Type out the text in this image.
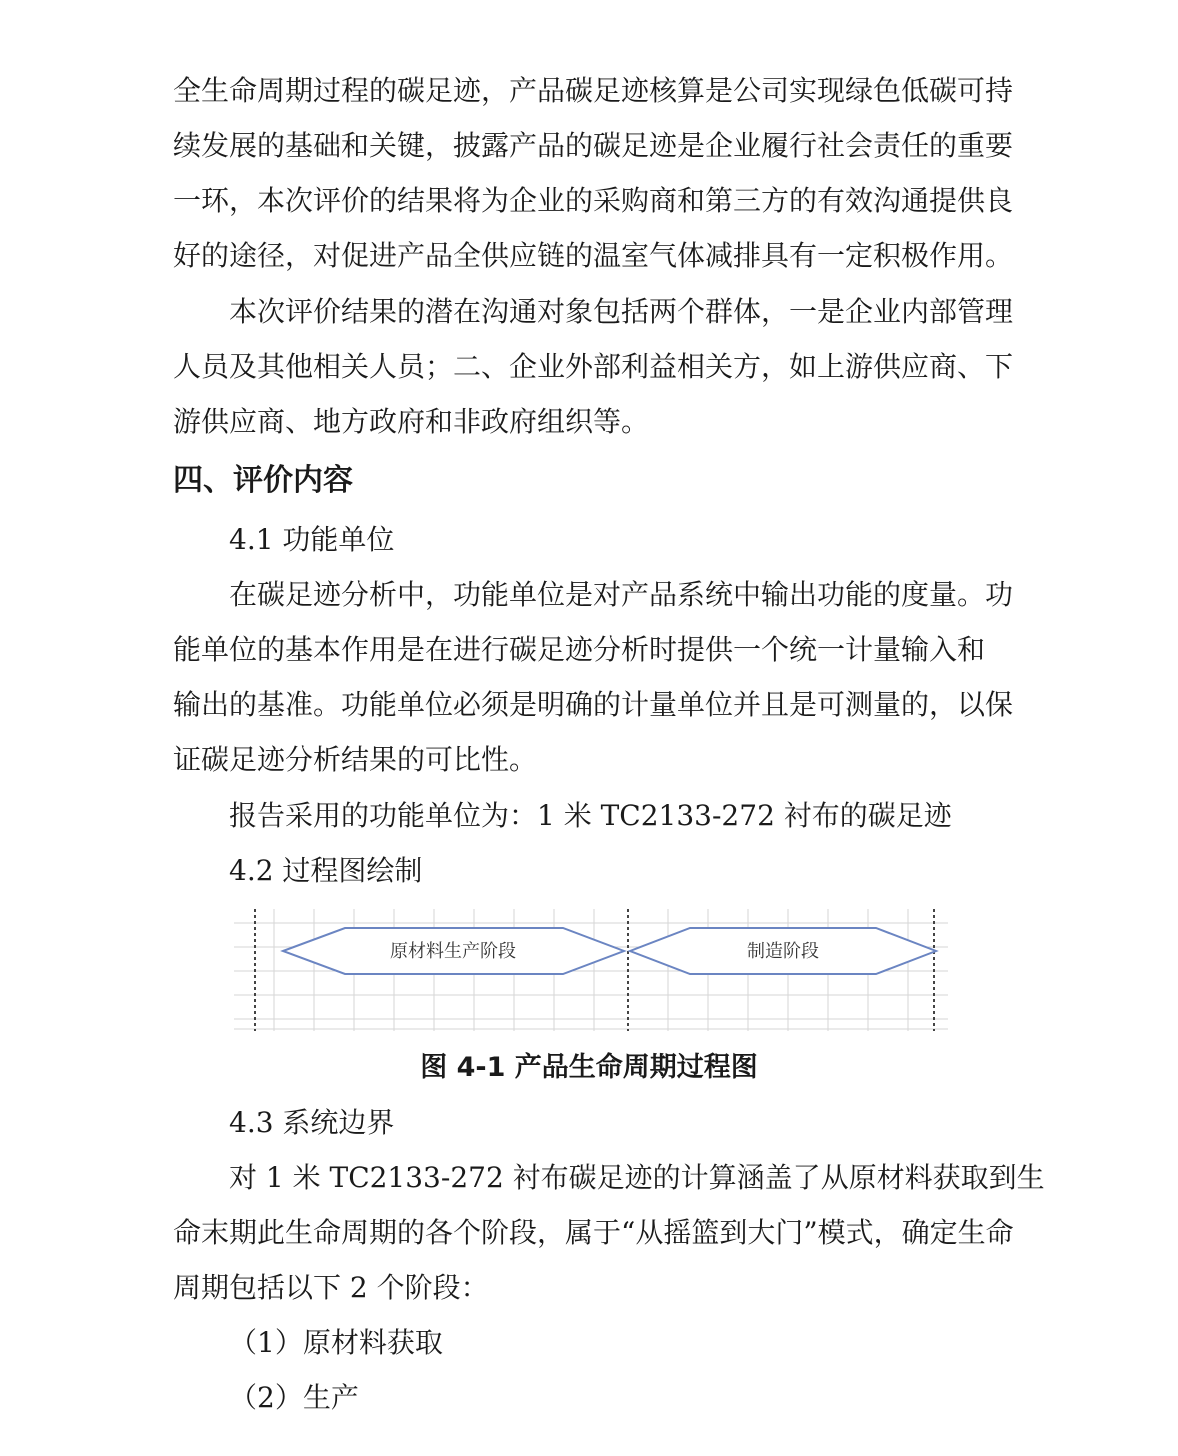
全生命周期过程的碳足迹，产品碳足迹核算是公司实现绿色低碳可持
续发展的基础和关键，披露产品的碳足迹是企业履行社会责任的重要
一环，本次评价的结果将为企业的采购商和第三方的有效沟通提供良
好的途径，对促进产品全供应链的温室气体减排具有一定积极作用。
本次评价结果的潜在沟通对象包括两个群体，一是企业内部管理
人员及其他相关人员；二、企业外部利益相关方，如上游供应商、下
游供应商、地方政府和非政府组织等。
四、评价内容
4.1 功能单位
在碳足迹分析中，功能单位是对产品系统中输出功能的度量。功
能单位的基本作用是在进行碳足迹分析时提供一个统一计量输入和
输出的基准。功能单位必须是明确的计量单位并且是可测量的，以保
证碳足迹分析结果的可比性。
报告采用的功能单位为：1 米 TC2133-272 衬布的碳足迹
4.2 过程图绘制
原材料生产阶段	制造阶段
图 4-1 产品生命周期过程图
4.3 系统边界
对 1 米 TC2133-272 衬布碳足迹的计算涵盖了从原材料获取到生
命末期此生命周期的各个阶段，属于“从摇篮到大门”模式，确定生命
周期包括以下 2 个阶段：
（1）原材料获取
（2）生产
